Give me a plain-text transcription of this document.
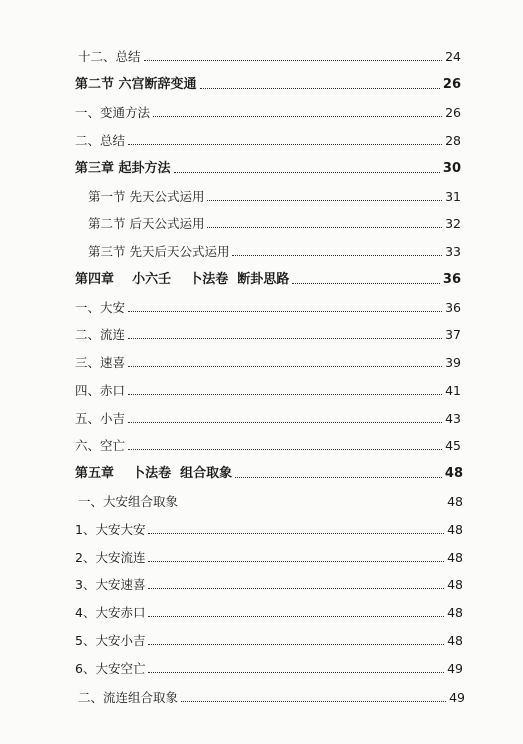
十二、总结	24
第二节 六宫断辞变通	26
一、变通方法	26
二、总结	28
第三章 起卦方法	30
第一节 先天公式运用	31
第二节 后天公式运用	32
第三节 先天后天公式运用	33
第四章    小六壬    卜法卷  断卦思路	36
一、大安	36
二、流连	37
三、速喜	39
四、赤口	41
五、小吉	43
六、空亡	45
第五章    卜法卷  组合取象	48
一、大安组合取象	48
1、大安大安	48
2、大安流连	48
3、大安速喜	48
4、大安赤口	48
5、大安小吉	48
6、大安空亡	49
二、流连组合取象	49
